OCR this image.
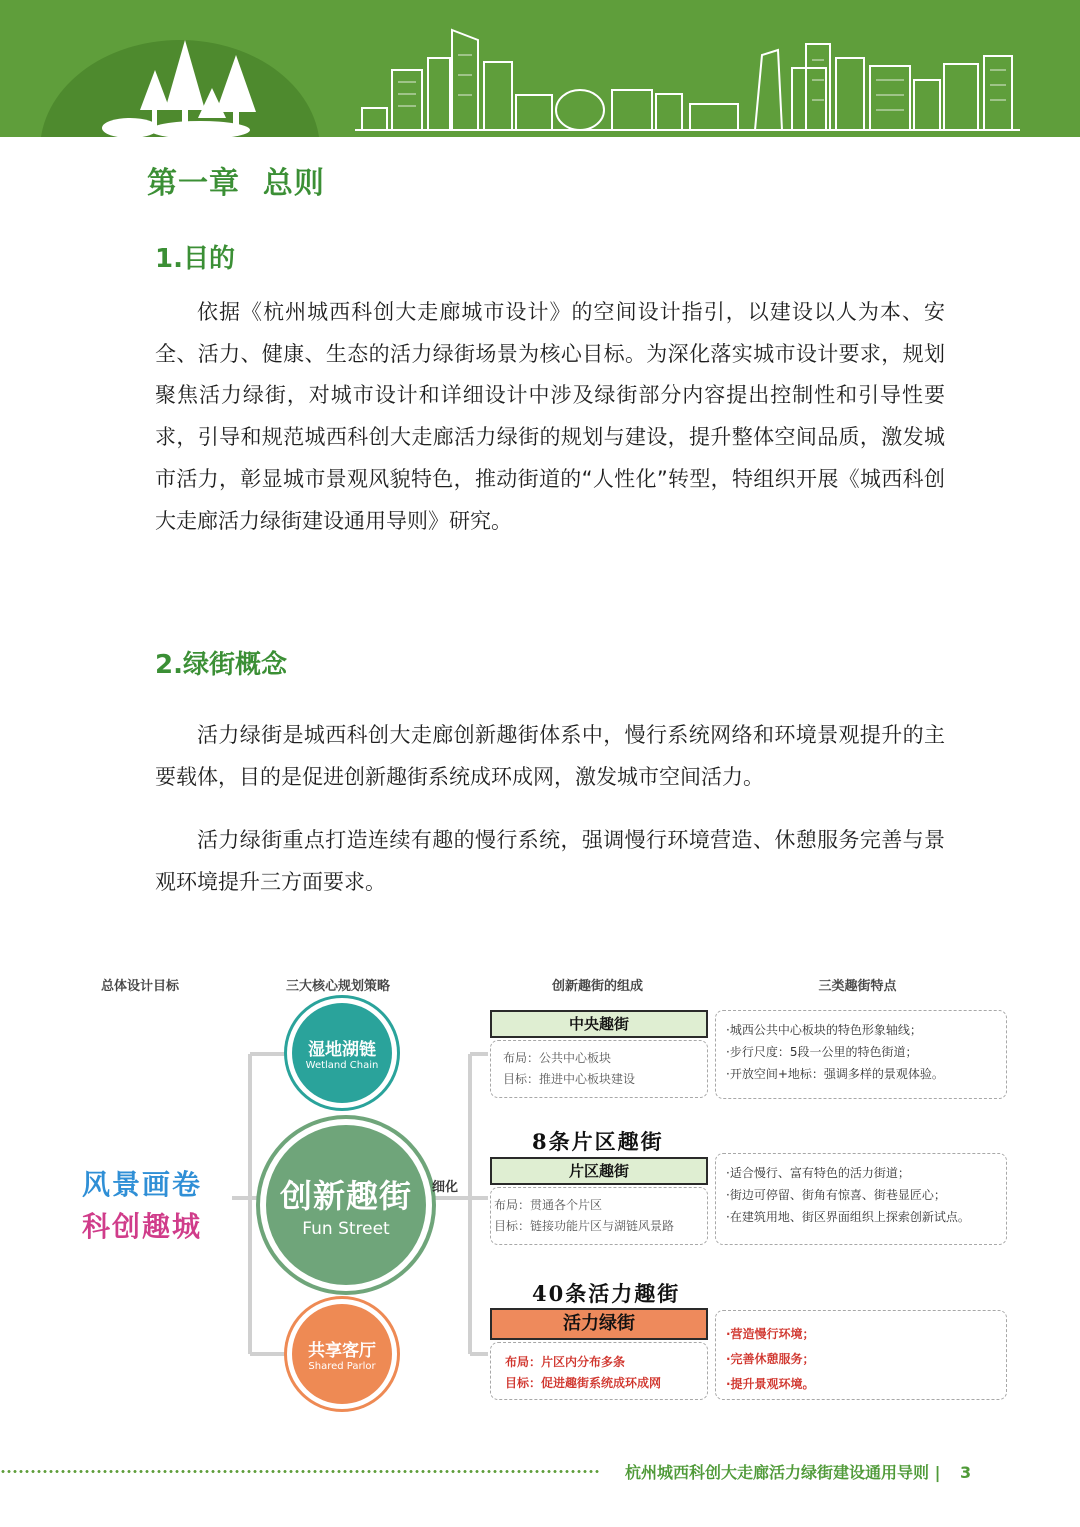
第一章  总则
1.目的

依据《杭州城西科创大走廊城市设计》的空间设计指引，以建设以人为本、安全、活力、健康、生态的活力绿街场景为核心目标。为深化落实城市设计要求，规划聚焦活力绿街，对城市设计和详细设计中涉及绿街部分内容提出控制性和引导性要求，引导和规范城西科创大走廊活力绿街的规划与建设，提升整体空间品质，激发城市活力，彰显城市景观风貌特色，推动街道的“人性化”转型，特组织开展《城西科创大走廊活力绿街建设通用导则》研究。

2.绿街概念

活力绿街是城西科创大走廊创新趣街体系中，慢行系统网络和环境景观提升的主要载体，目的是促进创新趣街系统成环成网，激发城市空间活力。

活力绿街重点打造连续有趣的慢行系统，强调慢行环境营造、休憩服务完善与景观环境提升三方面要求。

总体设计目标	三大核心规划策略	创新趣街的组成	三类趣街特点
风景画卷
科创趣城
湿地湖链
Wetland Chain
创新趣街
Fun Street
细化
共享客厅
Shared Parlor
中央趣街
布局：公共中心板块
目标：推进中心板块建设
·城西公共中心板块的特色形象轴线；
·步行尺度：5段一公里的特色街道；
·开放空间+地标：强调多样的景观体验。
8条片区趣街
片区趣街
布局：贯通各个片区
目标：链接功能片区与湖链风景路
·适合慢行、富有特色的活力街道；
·街边可停留、街角有惊喜、街巷显匠心；
·在建筑用地、街区界面组织上探索创新试点。
40条活力趣街
活力绿街
布局：片区内分布多条
目标：促进趣街系统成环成网
·营造慢行环境；
·完善休憩服务；
·提升景观环境。
杭州城西科创大走廊活力绿街建设通用导则 | 3
